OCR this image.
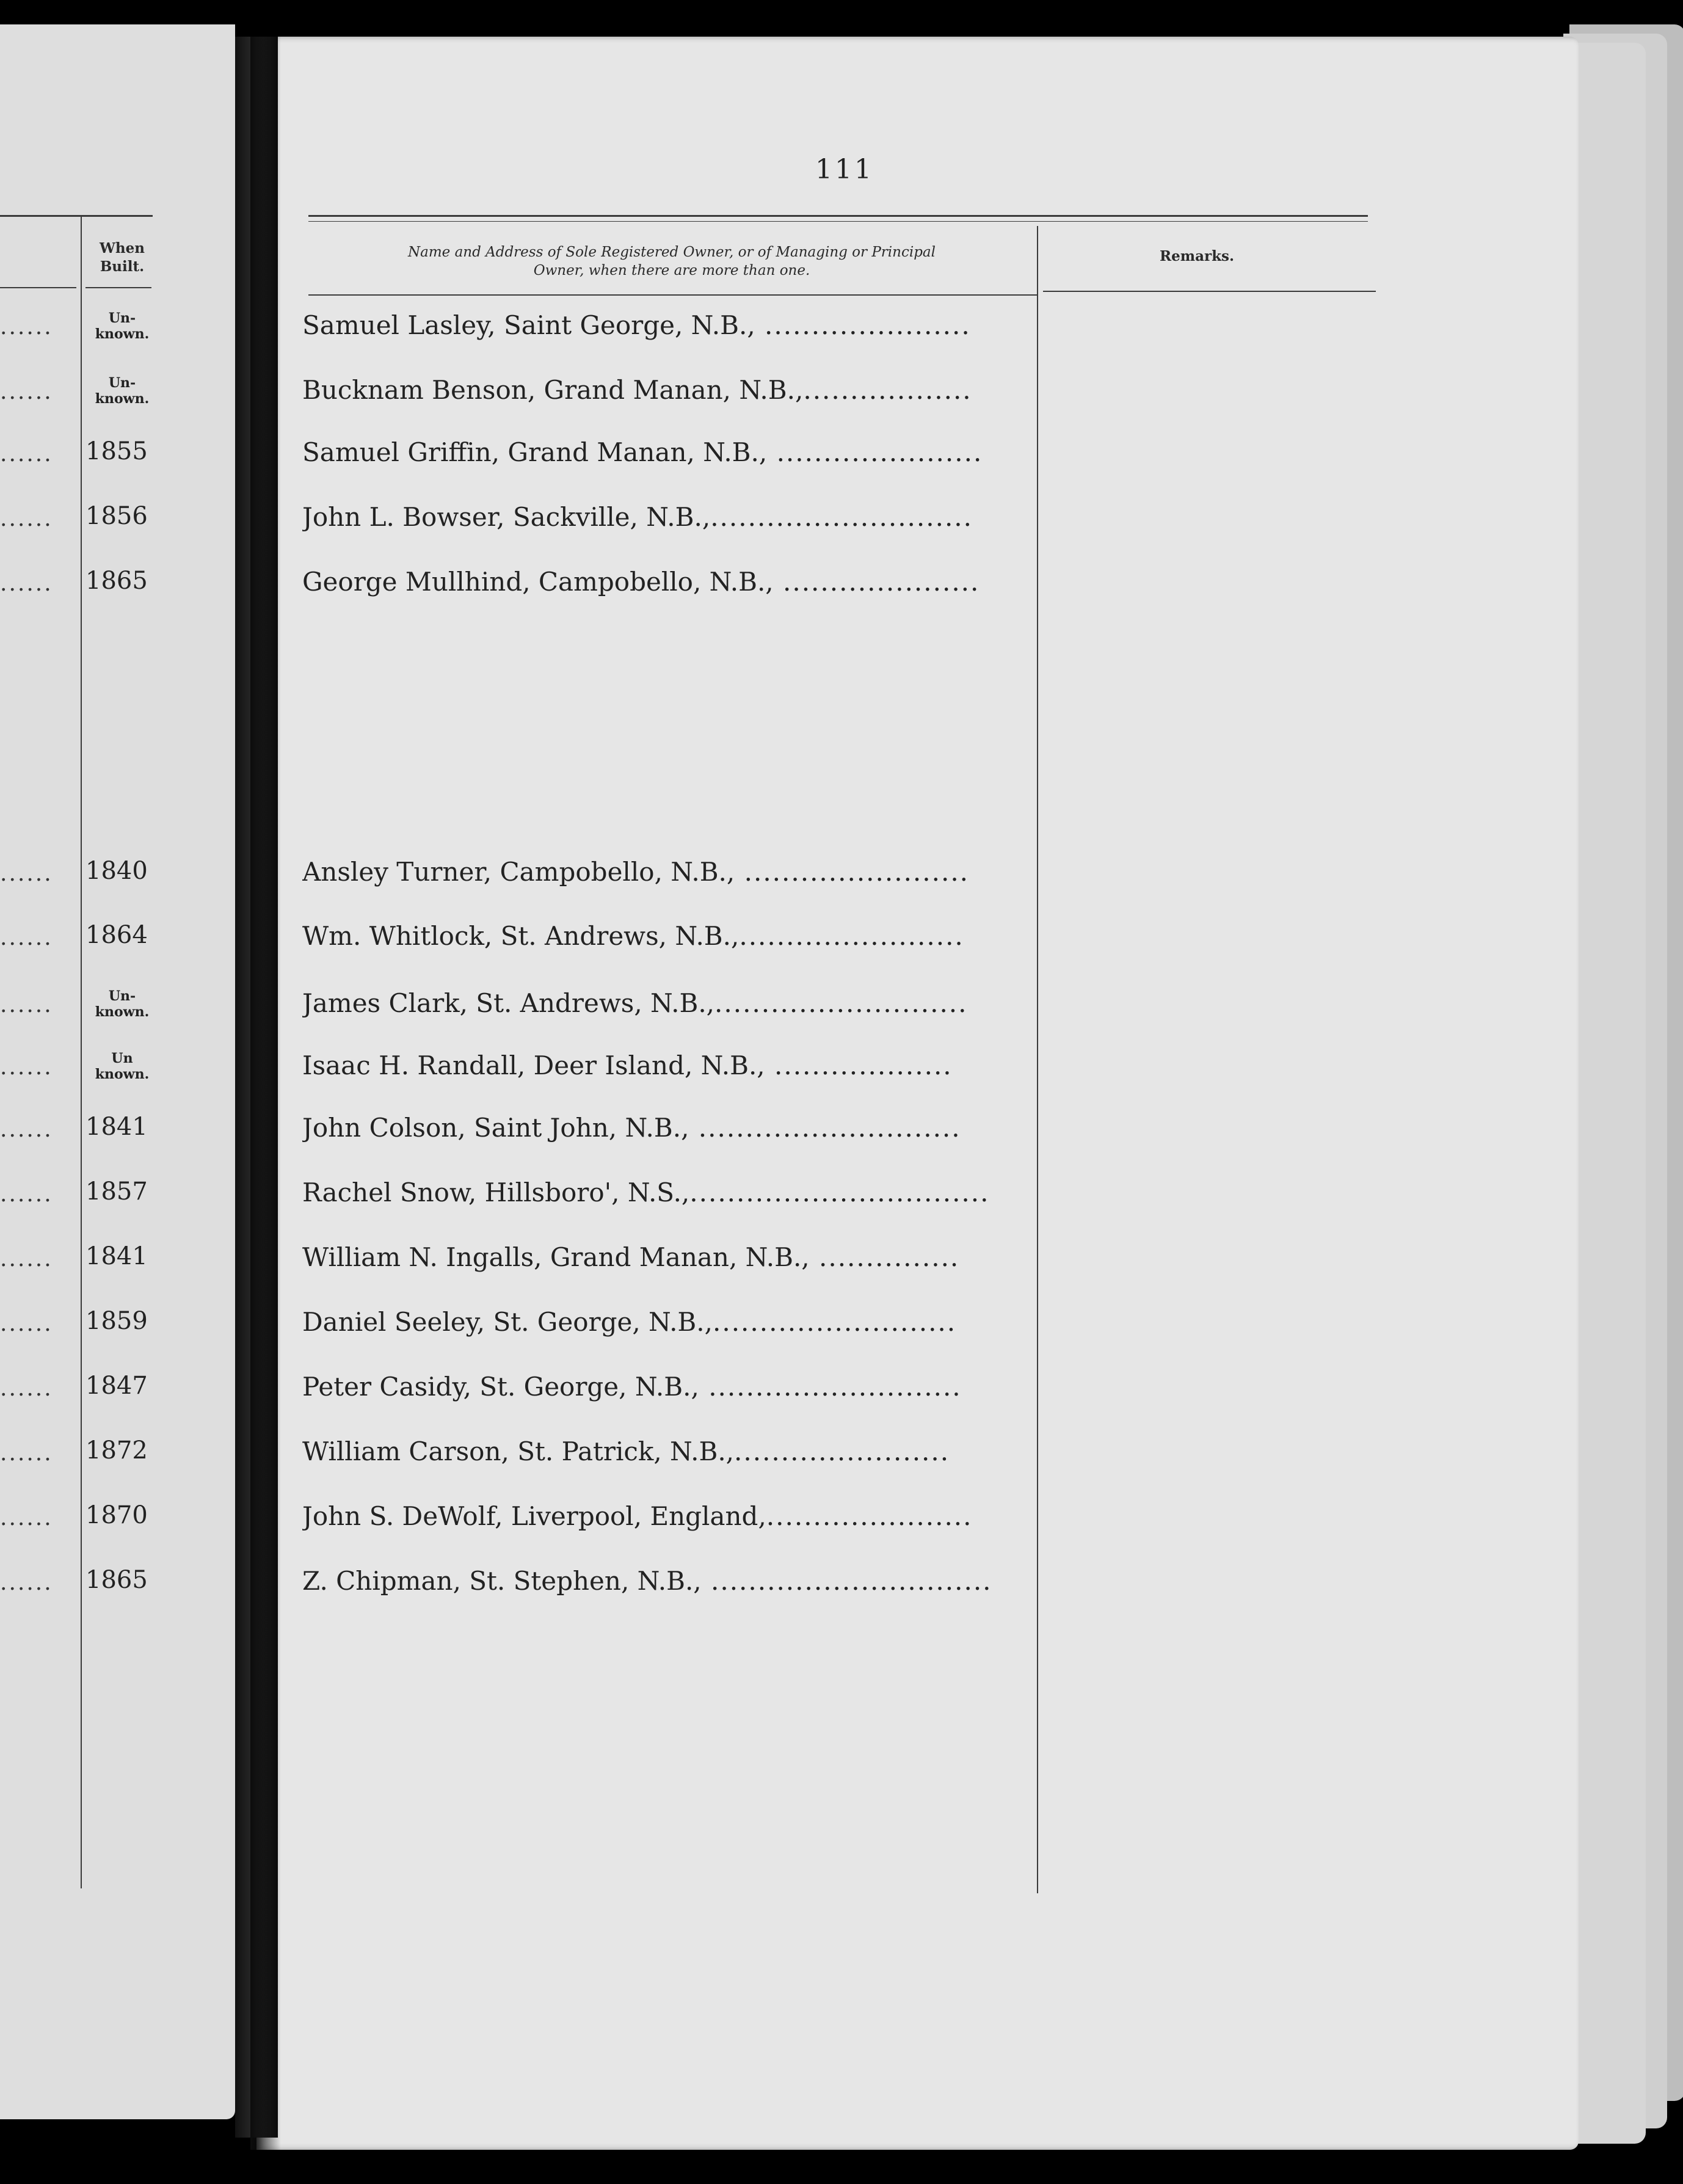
111
When
Built.
Name and Address of Sole Registered Owner, or of Managing or Principal
Owner, when there are more than one.
Remarks.
......	Un-
known.	Samuel Lasley, Saint George, N.B., ......................
......	Un-
known.	Bucknam Benson, Grand Manan, N.B.,..................
......	1855	Samuel Griffin, Grand Manan, N.B., ......................
......	1856	John L. Bowser, Sackville, N.B.,............................
......	1865	George Mullhind, Campobello, N.B., .....................
......	1840	Ansley Turner, Campobello, N.B., ........................
......	1864	Wm. Whitlock, St. Andrews, N.B.,........................
......	Un-
known.	James Clark, St. Andrews, N.B.,...........................
......	Un
known.	Isaac H. Randall, Deer Island, N.B., ...................
......	1841	John Colson, Saint John, N.B., ............................
......	1857	Rachel Snow, Hillsboro', N.S.,................................
......	1841	William N. Ingalls, Grand Manan, N.B., ...............
......	1859	Daniel Seeley, St. George, N.B.,..........................
......	1847	Peter Casidy, St. George, N.B., ...........................
......	1872	William Carson, St. Patrick, N.B.,.......................
......	1870	John S. DeWolf, Liverpool, England,......................
......	1865	Z. Chipman, St. Stephen, N.B., ..............................
